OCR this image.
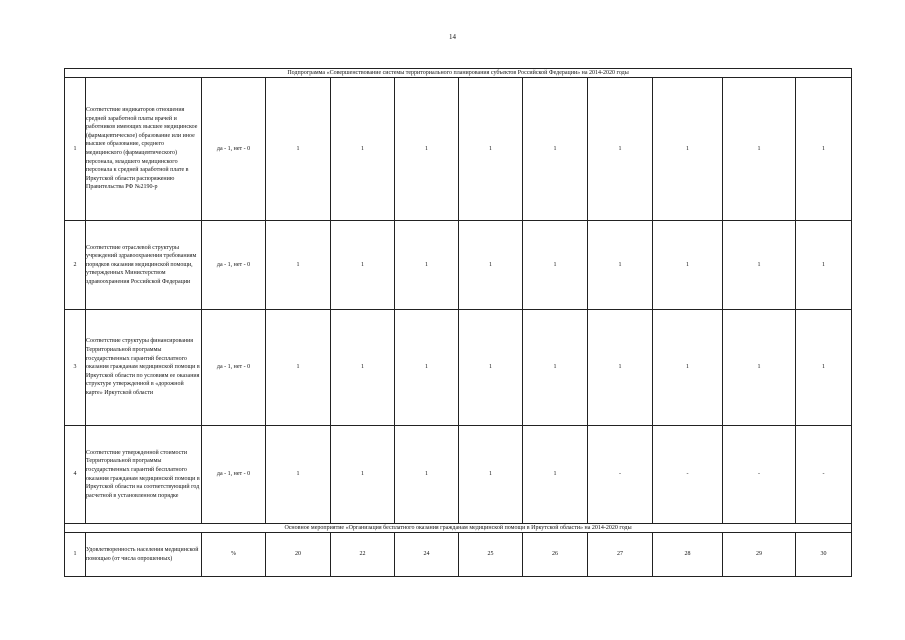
14
Подпрограмма «Совершенствование системы территориального планирования субъектов Российской Федерации» на 2014-2020 годы											
1	Соответствие индикаторов отношения средней заработной платы врачей и работников имеющих высшее медицинское (фармацевтическое) образование или иное высшее образование, среднего медицинского (фармацевтического) персонала, младшего медицинского персонала к средней заработной плате в Иркутской области распоряжению Правительства РФ №2190-р	да - 1, нет - 0	1	1	1	1	1	1	1	1	1
2	Соответствие отраслевой структуры учреждений здравоохранения требованиям порядков оказания медицинской помощи, утвержденных Министерством здравоохранения Российской Федерации	да - 1, нет - 0	1	1	1	1	1	1	1	1	1
3	Соответствие структуры финансирования Территориальной программы государственных гарантий бесплатного оказания гражданам медицинской помощи в Иркутской области по условиям ее оказания структуре утвержденной в «дорожной карте» Иркутской области	да - 1, нет - 0	1	1	1	1	1	1	1	1	1
4	Соответствие утвержденной стоимости Территориальной программы государственных гарантий бесплатного оказания гражданам медицинской помощи в Иркутской области на соответствующий год расчетной в установленном порядке	да - 1, нет - 0	1	1	1	1	1	-	-	-	-
Основное мероприятие «Организация бесплатного оказания гражданам медицинской помощи в Иркутской области» на 2014-2020 годы											
1	Удовлетворенность населения медицинской помощью (от числа опрошенных)	%	20	22	24	25	26	27	28	29	30
